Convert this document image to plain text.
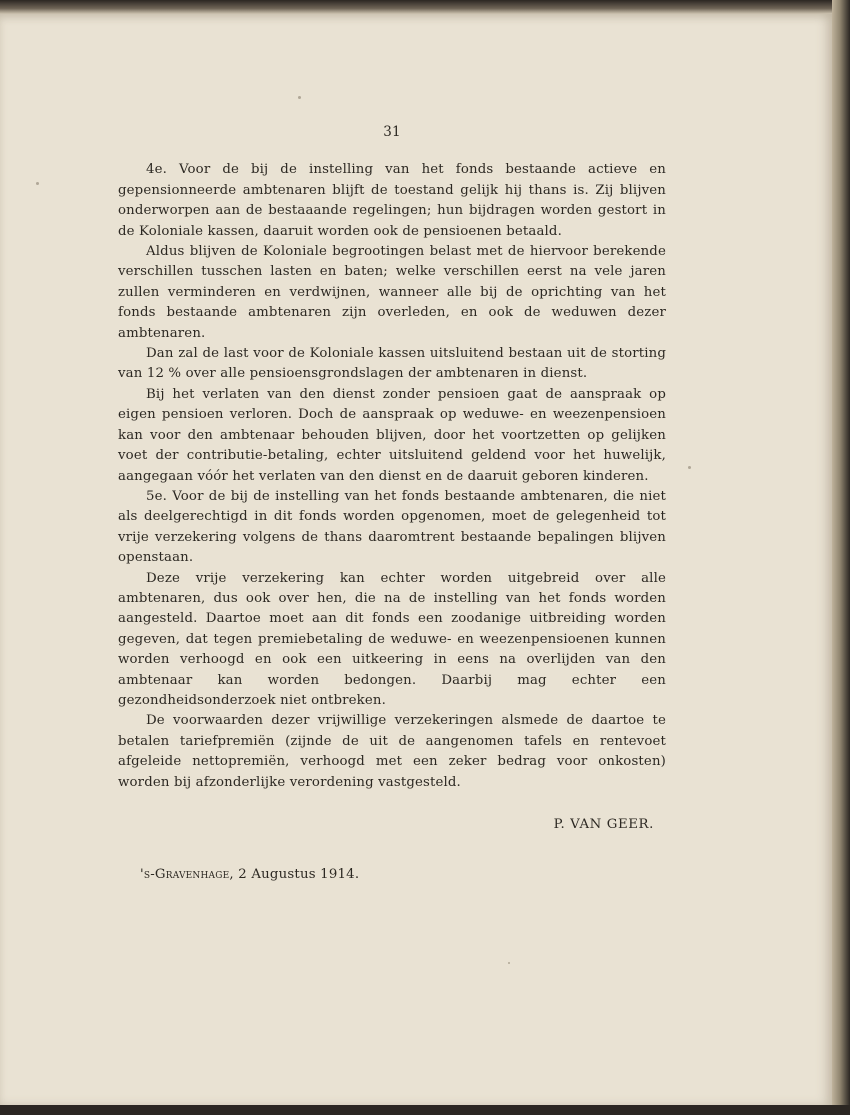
31

4e. Voor de bij de instelling van het fonds bestaande actieve en gepensionneerde ambtenaren blijft de toestand gelijk hij thans is. Zij blijven onderworpen aan de bestaaande regelingen; hun bijdragen worden gestort in de Koloniale kassen, daaruit worden ook de pensioenen betaald.

Aldus blijven de Koloniale begrootingen belast met de hiervoor berekende verschillen tusschen lasten en baten; welke verschillen eerst na vele jaren zullen verminderen en verdwijnen, wanneer alle bij de oprichting van het fonds bestaande ambtenaren zijn overleden, en ook de weduwen dezer ambtenaren.

Dan zal de last voor de Koloniale kassen uitsluitend bestaan uit de storting van 12 % over alle pensioensgrondslagen der ambtenaren in dienst.

Bij het verlaten van den dienst zonder pensioen gaat de aanspraak op eigen pensioen verloren. Doch de aanspraak op weduwe- en weezenpensioen kan voor den ambtenaar behouden blijven, door het voortzetten op gelijken voet der contributie-betaling, echter uitsluitend geldend voor het huwelijk, aangegaan vóór het verlaten van den dienst en de daaruit geboren kinderen.

5e. Voor de bij de instelling van het fonds bestaande ambtenaren, die niet als deelgerechtigd in dit fonds worden opgenomen, moet de gelegenheid tot vrije verzekering volgens de thans daaromtrent bestaande bepalingen blijven openstaan.

Deze vrije verzekering kan echter worden uitgebreid over alle ambtenaren, dus ook over hen, die na de instelling van het fonds worden aangesteld. Daartoe moet aan dit fonds een zoodanige uitbreiding worden gegeven, dat tegen premiebetaling de weduwe- en weezenpensioenen kunnen worden verhoogd en ook een uitkeering in eens na overlijden van den ambtenaar kan worden bedongen. Daarbij mag echter een gezondheidsonderzoek niet ontbreken.

De voorwaarden dezer vrijwillige verzekeringen alsmede de daartoe te betalen tariefpremiën (zijnde de uit de aangenomen tafels en rentevoet afgeleide nettopremiën, verhoogd met een zeker bedrag voor onkosten) worden bij afzonderlijke verordening vastgesteld.

P. VAN GEER.
's-Gravenhage, 2 Augustus 1914.
